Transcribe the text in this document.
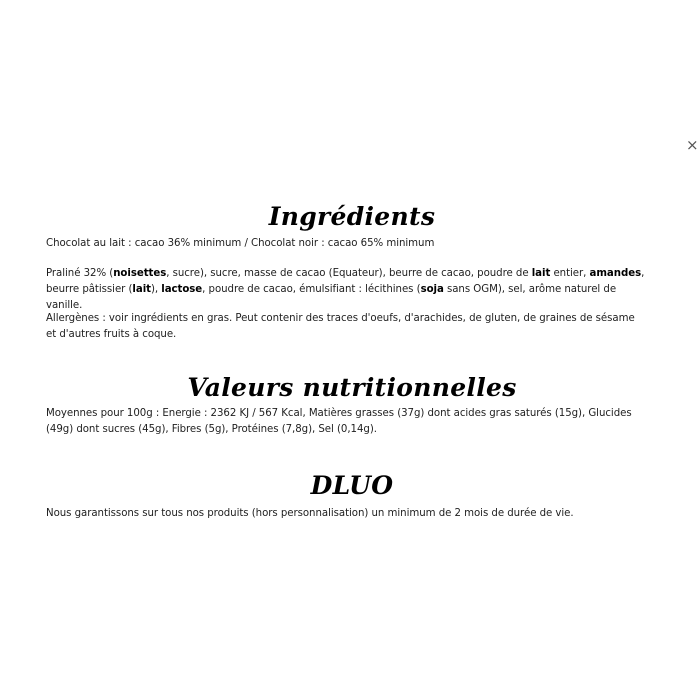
×
Ingrédients

Chocolat au lait : cacao 36% minimum / Chocolat noir : cacao 65% minimum

Praliné 32% (noisettes, sucre), sucre, masse de cacao (Equateur), beurre de cacao, poudre de lait entier, amandes, beurre pâtissier (lait), lactose, poudre de cacao, émulsifiant : lécithines (soja sans OGM), sel, arôme naturel de vanille.

Allergènes : voir ingrédients en gras. Peut contenir des traces d'oeufs, d'arachides, de gluten, de graines de sésame et d'autres fruits à coque.

Valeurs nutritionnelles

Moyennes pour 100g : Energie : 2362 KJ / 567 Kcal, Matières grasses (37g) dont acides gras saturés (15g), Glucides (49g) dont sucres (45g), Fibres (5g), Protéines (7,8g), Sel (0,14g).

DLUO

Nous garantissons sur tous nos produits (hors personnalisation) un minimum de 2 mois de durée de vie.
